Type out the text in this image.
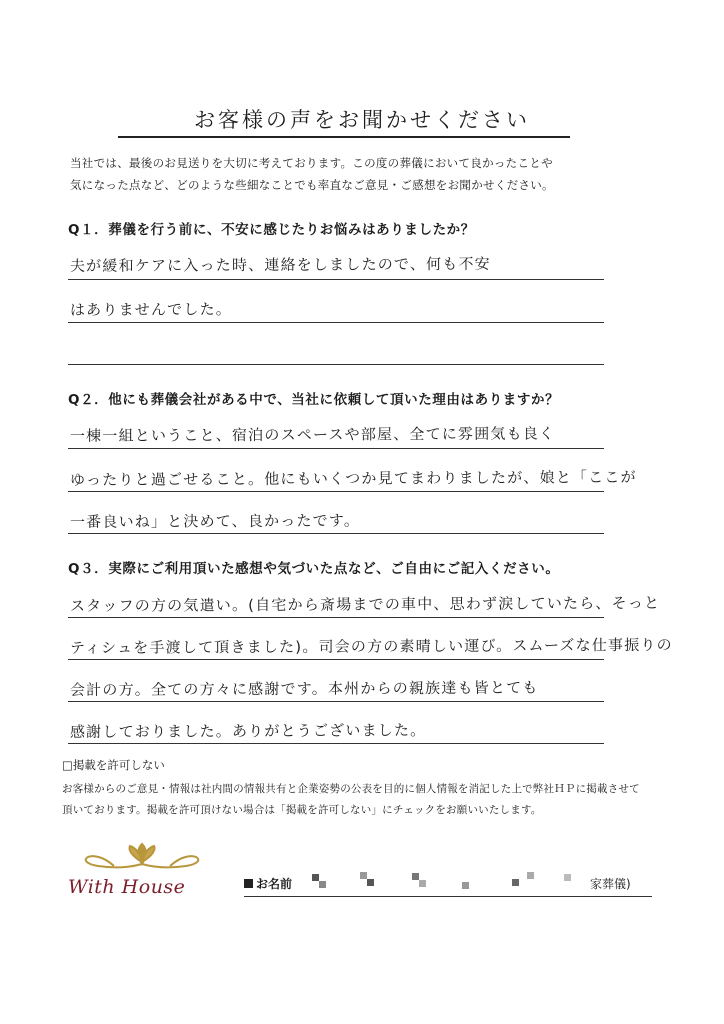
お客様の声をお聞かせください
当社では、最後のお見送りを大切に考えております。この度の葬儀において良かったことや
気になった点など、どのような些細なことでも率直なご意見・ご感想をお聞かせください。
Q１．葬儀を行う前に、不安に感じたりお悩みはありましたか？
夫が緩和ケアに入った時、連絡をしましたので、何も不安
はありませんでした。
Q２．他にも葬儀会社がある中で、当社に依頼して頂いた理由はありますか？
一棟一組ということ、宿泊のスペースや部屋、全てに雰囲気も良く
ゆったりと過ごせること。他にもいくつか見てまわりましたが、娘と「ここが
一番良いね」と決めて、良かったです。
Q３．実際にご利用頂いた感想や気づいた点など、ご自由にご記入ください。
スタッフの方の気遣い。(自宅から斎場までの車中、思わず涙していたら、そっと
ティシュを手渡して頂きました)。司会の方の素晴しい運び。スムーズな仕事振りの
会計の方。全ての方々に感謝です。本州からの親族達も皆とても
感謝しておりました。ありがとうございました。
□掲載を許可しない
お客様からのご意見・情報は社内間の情報共有と企業姿勢の公表を目的に個人情報を消記した上で弊社ＨＰに掲載させて
頂いております。掲載を許可頂けない場合は「掲載を許可しない」にチェックをお願いいたします。
With House	お名前	家葬儀)
